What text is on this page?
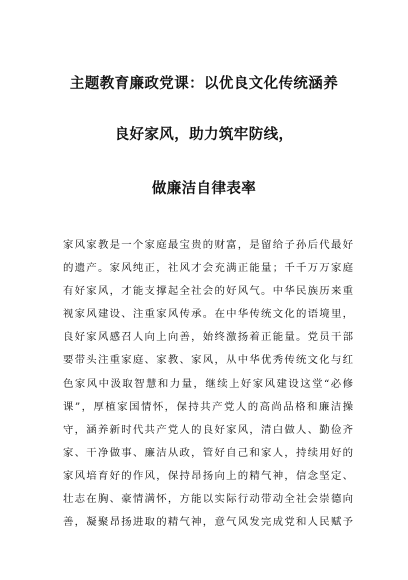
主题教育廉政党课：以优良文化传统涵养
良好家风，助力筑牢防线，
做廉洁自律表率
家风家教是一个家庭最宝贵的财富，是留给子孙后代最好
的遗产。家风纯正，社风才会充满正能量；千千万万家庭
有好家风，才能支撑起全社会的好风气。中华民族历来重
视家风建设、注重家风传承。在中华传统文化的语境里，
良好家风感召人向上向善，始终激扬着正能量。党员干部
要带头注重家庭、家教、家风，从中华优秀传统文化与红
色家风中汲取智慧和力量，继续上好家风建设这堂“必修
课”，厚植家国情怀，保持共产党人的高尚品格和廉洁操
守，涵养新时代共产党人的良好家风，清白做人、勤俭齐
家、干净做事、廉洁从政，管好自己和家人，持续用好的
家风培育好的作风，保持昂扬向上的精气神，信念坚定、
壮志在胸、豪情满怀，方能以实际行动带动全社会崇德向
善，凝聚昂扬进取的精气神，意气风发完成党和人民赋予
